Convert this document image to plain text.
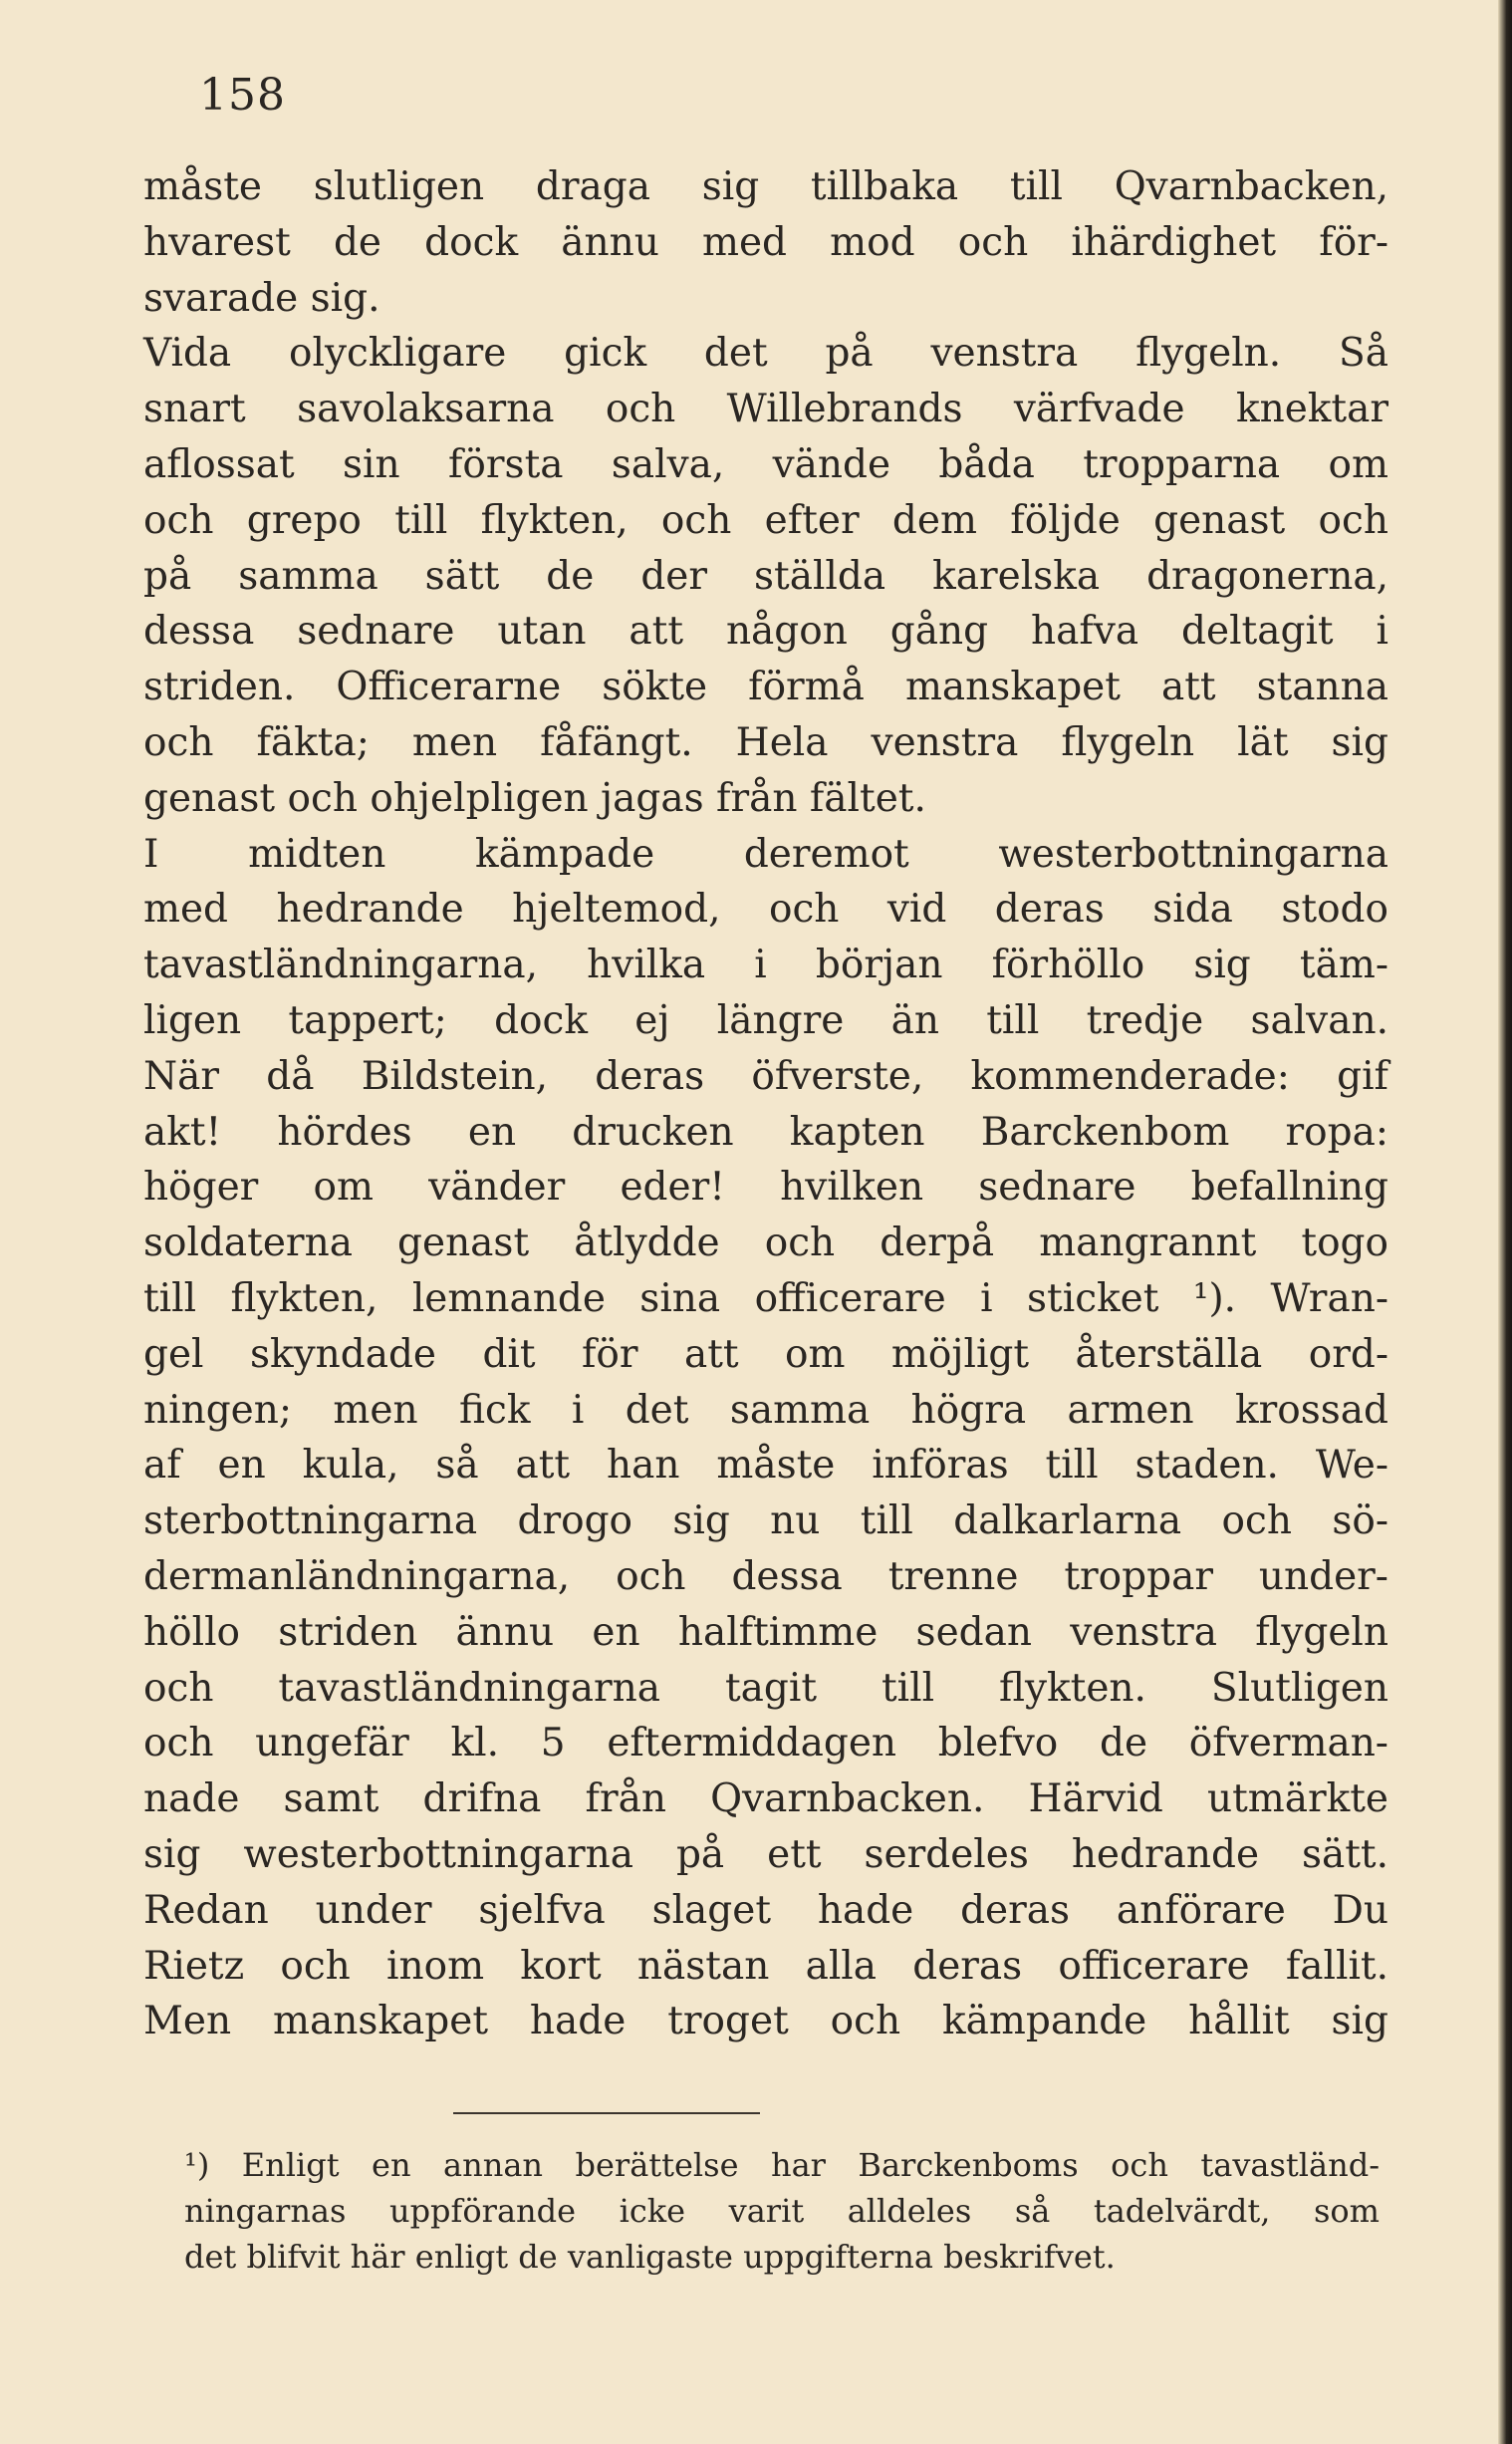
158
måste slutligen draga sig tillbaka till Qvarnbacken,
hvarest de dock ännu med mod och ihärdighet för-
svarade sig.
Vida olyckligare gick det på venstra flygeln. Så
snart savolaksarna och Willebrands värfvade knektar
aflossat sin första salva, vände båda tropparna om
och grepo till flykten, och efter dem följde genast och
på samma sätt de der ställda karelska dragonerna,
dessa sednare utan att någon gång hafva deltagit i
striden. Officerarne sökte förmå manskapet att stanna
och fäkta; men fåfängt. Hela venstra flygeln lät sig
genast och ohjelpligen jagas från fältet.
I midten kämpade deremot westerbottningarna
med hedrande hjeltemod, och vid deras sida stodo
tavastländningarna, hvilka i början förhöllo sig täm-
ligen tappert; dock ej längre än till tredje salvan.
När då Bildstein, deras öfverste, kommenderade: gif
akt! hördes en drucken kapten Barckenbom ropa:
höger om vänder eder! hvilken sednare befallning
soldaterna genast åtlydde och derpå mangrannt togo
till flykten, lemnande sina officerare i sticket ¹). Wran-
gel skyndade dit för att om möjligt återställa ord-
ningen; men fick i det samma högra armen krossad
af en kula, så att han måste införas till staden. We-
sterbottningarna drogo sig nu till dalkarlarna och sö-
dermanländningarna, och dessa trenne troppar under-
höllo striden ännu en halftimme sedan venstra flygeln
och tavastländningarna tagit till flykten. Slutligen
och ungefär kl. 5 eftermiddagen blefvo de öfverman-
nade samt drifna från Qvarnbacken. Härvid utmärkte
sig westerbottningarna på ett serdeles hedrande sätt.
Redan under sjelfva slaget hade deras anförare Du
Rietz och inom kort nästan alla deras officerare fallit.
Men manskapet hade troget och kämpande hållit sig
¹) Enligt en annan berättelse har Barckenboms och tavastländ-
ningarnas uppförande icke varit alldeles så tadelvärdt, som
det blifvit här enligt de vanligaste uppgifterna beskrifvet.
